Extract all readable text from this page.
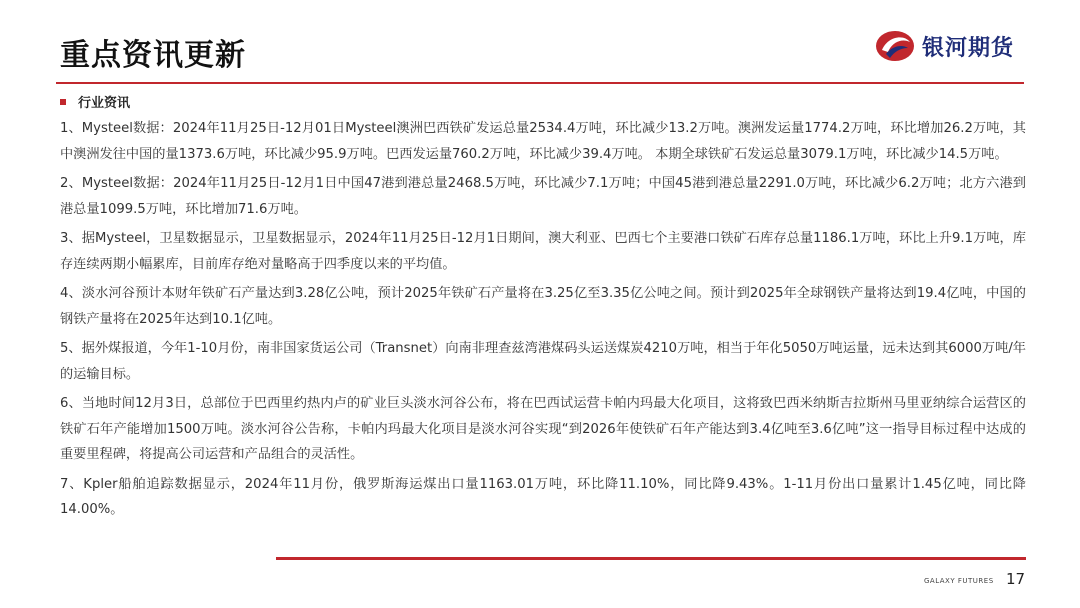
重点资讯更新	银河期货
行业资讯

1、Mysteel数据：2024年11月25日-12月01日Mysteel澳洲巴西铁矿发运总量2534.4万吨，环比减少13.2万吨。澳洲发运量1774.2万吨，环比增加26.2万吨，其中澳洲发往中国的量1373.6万吨，环比减少95.9万吨。巴西发运量760.2万吨，环比减少39.4万吨。 本期全球铁矿石发运总量3079.1万吨，环比减少14.5万吨。

2、Mysteel数据：2024年11月25日-12月1日中国47港到港总量2468.5万吨，环比减少7.1万吨；中国45港到港总量2291.0万吨，环比减少6.2万吨；北方六港到港总量1099.5万吨，环比增加71.6万吨。

3、据Mysteel，卫星数据显示，卫星数据显示，2024年11月25日-12月1日期间，澳大利亚、巴西七个主要港口铁矿石库存总量1186.1万吨，环比上升9.1万吨，库存连续两期小幅累库，目前库存绝对量略高于四季度以来的平均值。

4、淡水河谷预计本财年铁矿石产量达到3.28亿公吨，预计2025年铁矿石产量将在3.25亿至3.35亿公吨之间。预计到2025年全球钢铁产量将达到19.4亿吨，中国的钢铁产量将在2025年达到10.1亿吨。

5、据外煤报道，今年1-10月份，南非国家货运公司（Transnet）向南非理查兹湾港煤码头运送煤炭4210万吨，相当于年化5050万吨运量，远未达到其6000万吨/年的运输目标。

6、当地时间12月3日，总部位于巴西里约热内卢的矿业巨头淡水河谷公布，将在巴西试运营卡帕内玛最大化项目，这将致巴西米纳斯吉拉斯州马里亚纳综合运营区的铁矿石年产能增加1500万吨。淡水河谷公告称，卡帕内玛最大化项目是淡水河谷实现“到2026年使铁矿石年产能达到3.4亿吨至3.6亿吨”这一指导目标过程中达成的重要里程碑，将提高公司运营和产品组合的灵活性。

7、Kpler船舶追踪数据显示，2024年11月份，俄罗斯海运煤出口量1163.01万吨，环比降11.10%，同比降9.43%。1-11月份出口量累计1.45亿吨，同比降14.00%。

GALAXY FUTURES 17
